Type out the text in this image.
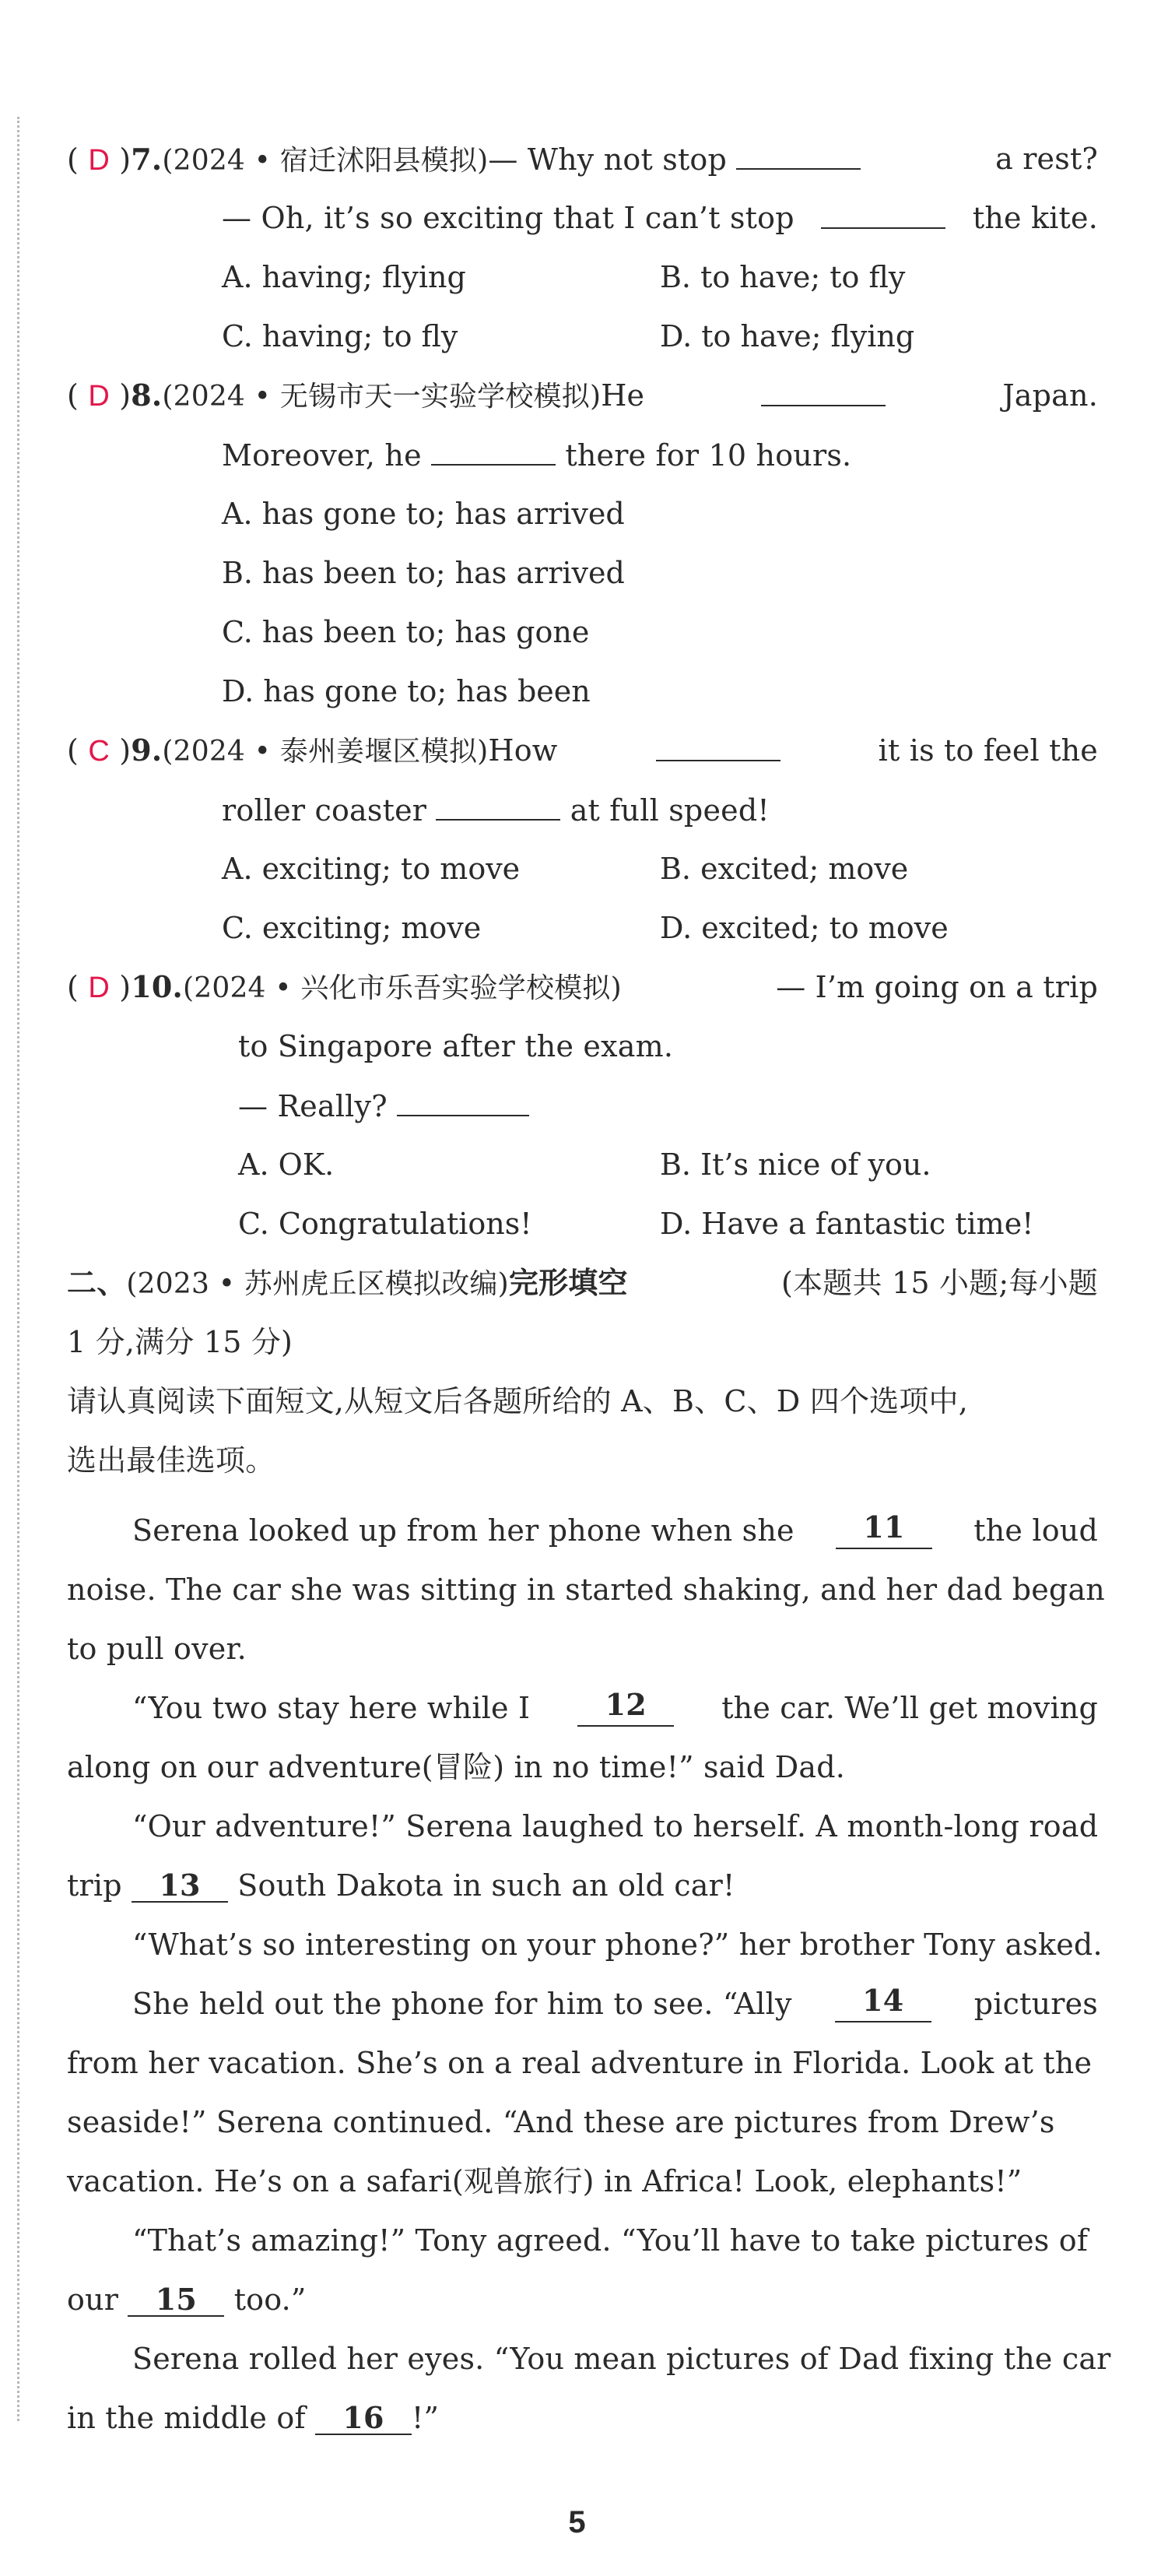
( D )7.(2024 • 宿迁沭阳县模拟)— Why not stop	a rest?
— Oh, it’s so exciting that I can’t stop	the kite.
A. having; flying	B. to have; to fly
C. having; to fly	D. to have; flying
( D )8.(2024 • 无锡市天一实验学校模拟)He	Japan.
Moreover, he	there for 10 hours.
A. has gone to; has arrived
B. has been to; has arrived
C. has been to; has gone
D. has gone to; has been
( C )9.(2024 • 泰州姜堰区模拟)How	it is to feel the
roller coaster	at full speed!
A. exciting; to move	B. excited; move
C. exciting; move	D. excited; to move
( D )10.(2024 • 兴化市乐吾实验学校模拟)	— I’m going on a trip
to Singapore after the exam.
— Really?
A. OK.	B. It’s nice of you.
C. Congratulations!	D. Have a fantastic time!
二、(2023 • 苏州虎丘区模拟改编)完形填空	(本题共 15 小题;每小题
1 分,满分 15 分)
请认真阅读下面短文,从短文后各题所给的 A、B、C、D 四个选项中,
选出最佳选项。
Serena looked up from her phone when she	11	the loud
noise. The car she was sitting in started shaking, and her dad began
to pull over.
“You two stay here while I	12	the car. We’ll get moving
along on our adventure(冒险) in no time!” said Dad.
“Our adventure!” Serena laughed to herself. A month-long road
trip 13 South Dakota in such an old car!
“What’s so interesting on your phone?” her brother Tony asked.
She held out the phone for him to see. “Ally	14	pictures
from her vacation. She’s on a real adventure in Florida. Look at the
seaside!” Serena continued. “And these are pictures from Drew’s
vacation. He’s on a safari(观兽旅行) in Africa! Look, elephants!”
“That’s amazing!” Tony agreed. “You’ll have to take pictures of
our 15 too.”
Serena rolled her eyes. “You mean pictures of Dad fixing the car
in the middle of 16 !”
5
